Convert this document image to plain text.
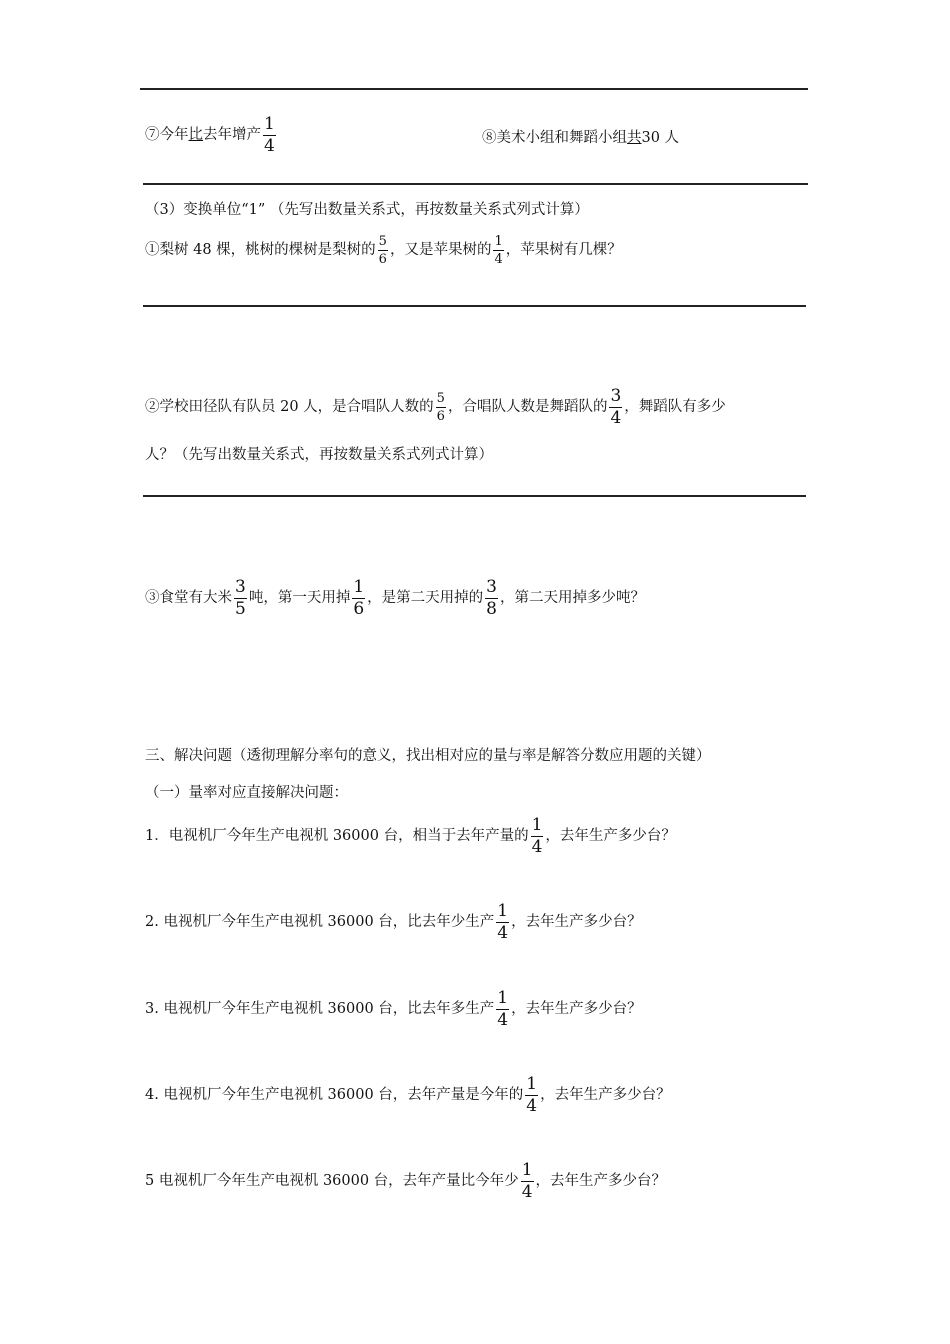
⑦今年 比 去年增产 $\frac{1}{4}$	⑧美术小组和舞蹈小组 共 30 人
（3）变换单位“1” （先写出数量关系式，再按数量关系式列式计算）
①梨树 48 棵，桃树的棵树是梨树的 $\frac{5}{6}$ ，又是苹果树的 $\frac{1}{4}$ ，苹果树有几棵？
②学校田径队有队员 20 人，是合唱队人数的 $\frac{5}{6}$ ，合唱队人数是舞蹈队的 $\frac{3}{4}$ ，舞蹈队有多少
人？（先写出数量关系式，再按数量关系式列式计算）
③食堂有大米 $\frac{3}{5}$ 吨，第一天用掉 $\frac{1}{6}$ ，是第二天用掉的 $\frac{3}{8}$ ，第二天用掉多少吨？
三、解决问题（透彻理解分率句的意义，找出相对应的量与率是解答分数应用题的关键）
（一）量率对应直接解决问题：
1．电视机厂今年生产电视机 36000 台，相当于去年产量的 $\frac{1}{4}$ ，去年生产多少台？
2. 电视机厂今年生产电视机 36000 台，比去年少生产 $\frac{1}{4}$ ，去年生产多少台？
3. 电视机厂今年生产电视机 36000 台，比去年多生产 $\frac{1}{4}$ ，去年生产多少台？
4. 电视机厂今年生产电视机 36000 台，去年产量是今年的 $\frac{1}{4}$ ，去年生产多少台？
5 电视机厂今年生产电视机 36000 台，去年产量比今年少 $\frac{1}{4}$ ，去年生产多少台？
